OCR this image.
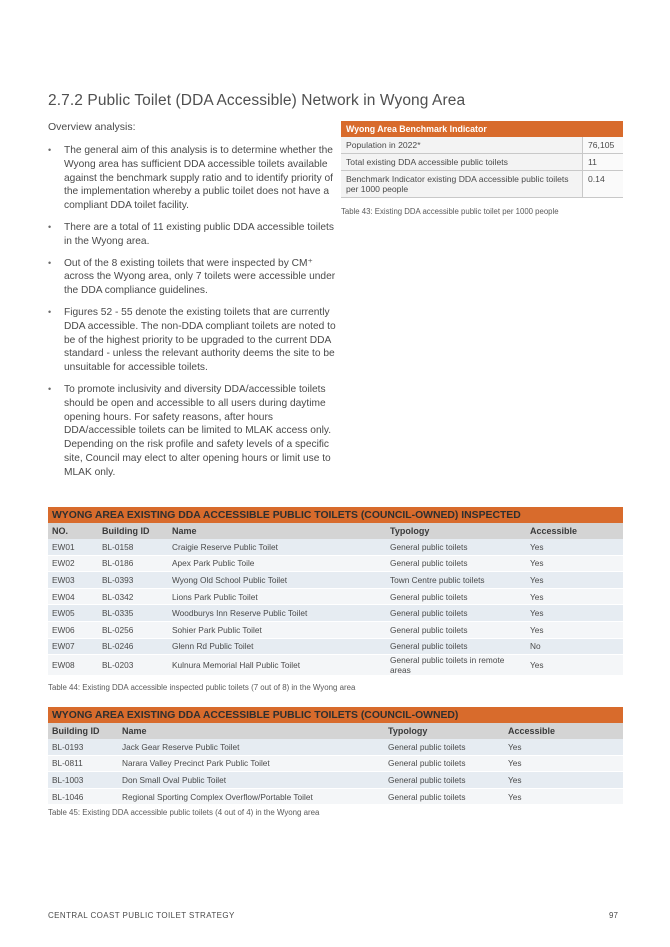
2.7.2 Public Toilet (DDA Accessible) Network in Wyong Area
Overview analysis:
• The general aim of this analysis is to determine whether the Wyong area has sufficient DDA accessible toilets available against the benchmark supply ratio and to identify priority of the implementation whereby a public toilet does not have a compliant DDA toilet facility.
• There are a total of 11 existing public DDA accessible toilets in the Wyong area.
• Out of the 8 existing toilets that were inspected by CM⁺ across the Wyong area, only 7 toilets were accessible under the DDA compliance guidelines.
• Figures 52 - 55 denote the existing toilets that are currently DDA accessible. The non-DDA compliant toilets are noted to be of the highest priority to be upgraded to the current DDA standard - unless the relevant authority deems the site to be unsuitable for accessible toilets.
• To promote inclusivity and diversity DDA/accessible toilets should be open and accessible to all users during daytime opening hours. For safety reasons, after hours DDA/accessible toilets can be limited to MLAK access only. Depending on the risk profile and safety levels of a specific site, Council may elect to alter opening hours or limit use to MLAK only.
Wyong Area Benchmark Indicator	
Population in 2022*	76,105
Total existing DDA accessible public toilets	11
Benchmark Indicator existing DDA accessible public toilets per 1000 people	0.14
Table 43: Existing DDA accessible public toilet per 1000 people
WYONG AREA EXISTING DDA ACCESSIBLE PUBLIC TOILETS (COUNCIL-OWNED) INSPECTED				
NO.	Building ID	Name	Typology	Accessible
EW01	BL-0158	Craigie Reserve Public Toilet	General public toilets	Yes
EW02	BL-0186	Apex Park Public Toile	General public toilets	Yes
EW03	BL-0393	Wyong Old School Public Toilet	Town Centre public toilets	Yes
EW04	BL-0342	Lions Park Public Toilet	General public toilets	Yes
EW05	BL-0335	Woodburys Inn Reserve Public Toilet	General public toilets	Yes
EW06	BL-0256	Sohier Park Public Toilet	General public toilets	Yes
EW07	BL-0246	Glenn Rd Public Toilet	General public toilets	No
EW08	BL-0203	Kulnura Memorial Hall Public Toilet	General public toilets in remote areas	Yes
Table 44: Existing DDA accessible inspected public toilets (7 out of 8) in the Wyong area
WYONG AREA EXISTING DDA ACCESSIBLE PUBLIC TOILETS (COUNCIL-OWNED)			
Building ID	Name	Typology	Accessible
BL-0193	Jack Gear Reserve Public Toilet	General public toilets	Yes
BL-0811	Narara Valley Precinct Park Public Toilet	General public toilets	Yes
BL-1003	Don Small Oval Public Toilet	General public toilets	Yes
BL-1046	Regional Sporting Complex Overflow/Portable Toilet	General public toilets	Yes
Table 45: Existing DDA accessible public toilets (4 out of 4) in the Wyong area
CENTRAL COAST PUBLIC TOILET STRATEGY	97
